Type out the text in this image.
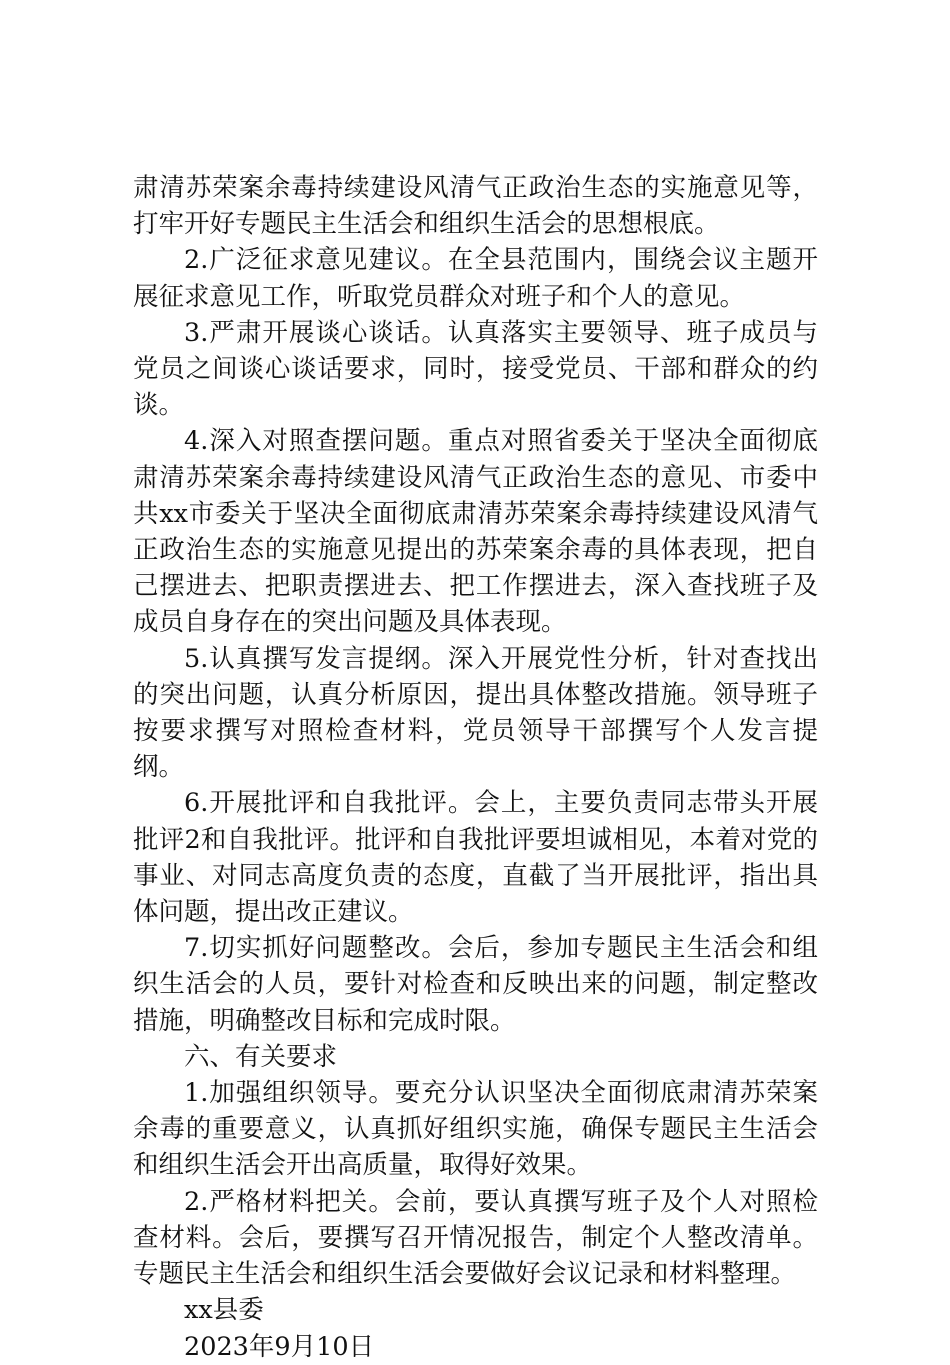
肃清苏荣案余毒持续建设风清气正政治生态的实施意见等，打牢开好专题民主生活会和组织生活会的思想根底。

2.广泛征求意见建议。在全县范围内，围绕会议主题开展征求意见工作，听取党员群众对班子和个人的意见。

3.严肃开展谈心谈话。认真落实主要领导、班子成员与党员之间谈心谈话要求，同时，接受党员、干部和群众的约谈。

4.深入对照查摆问题。重点对照省委关于坚决全面彻底肃清苏荣案余毒持续建设风清气正政治生态的意见、市委中共xx市委关于坚决全面彻底肃清苏荣案余毒持续建设风清气正政治生态的实施意见提出的苏荣案余毒的具体表现，把自己摆进去、把职责摆进去、把工作摆进去，深入查找班子及成员自身存在的突出问题及具体表现。

5.认真撰写发言提纲。深入开展党性分析，针对查找出的突出问题，认真分析原因，提出具体整改措施。领导班子按要求撰写对照检查材料，党员领导干部撰写个人发言提纲。

6.开展批评和自我批评。会上，主要负责同志带头开展批评2和自我批评。批评和自我批评要坦诚相见，本着对党的事业、对同志高度负责的态度，直截了当开展批评，指出具体问题，提出改正建议。

7.切实抓好问题整改。会后，参加专题民主生活会和组织生活会的人员，要针对检查和反映出来的问题，制定整改措施，明确整改目标和完成时限。

六、有关要求

1.加强组织领导。要充分认识坚决全面彻底肃清苏荣案余毒的重要意义，认真抓好组织实施，确保专题民主生活会和组织生活会开出高质量，取得好效果。

2.严格材料把关。会前，要认真撰写班子及个人对照检查材料。会后，要撰写召开情况报告，制定个人整改清单。专题民主生活会和组织生活会要做好会议记录和材料整理。

xx县委

2023年9月10日
